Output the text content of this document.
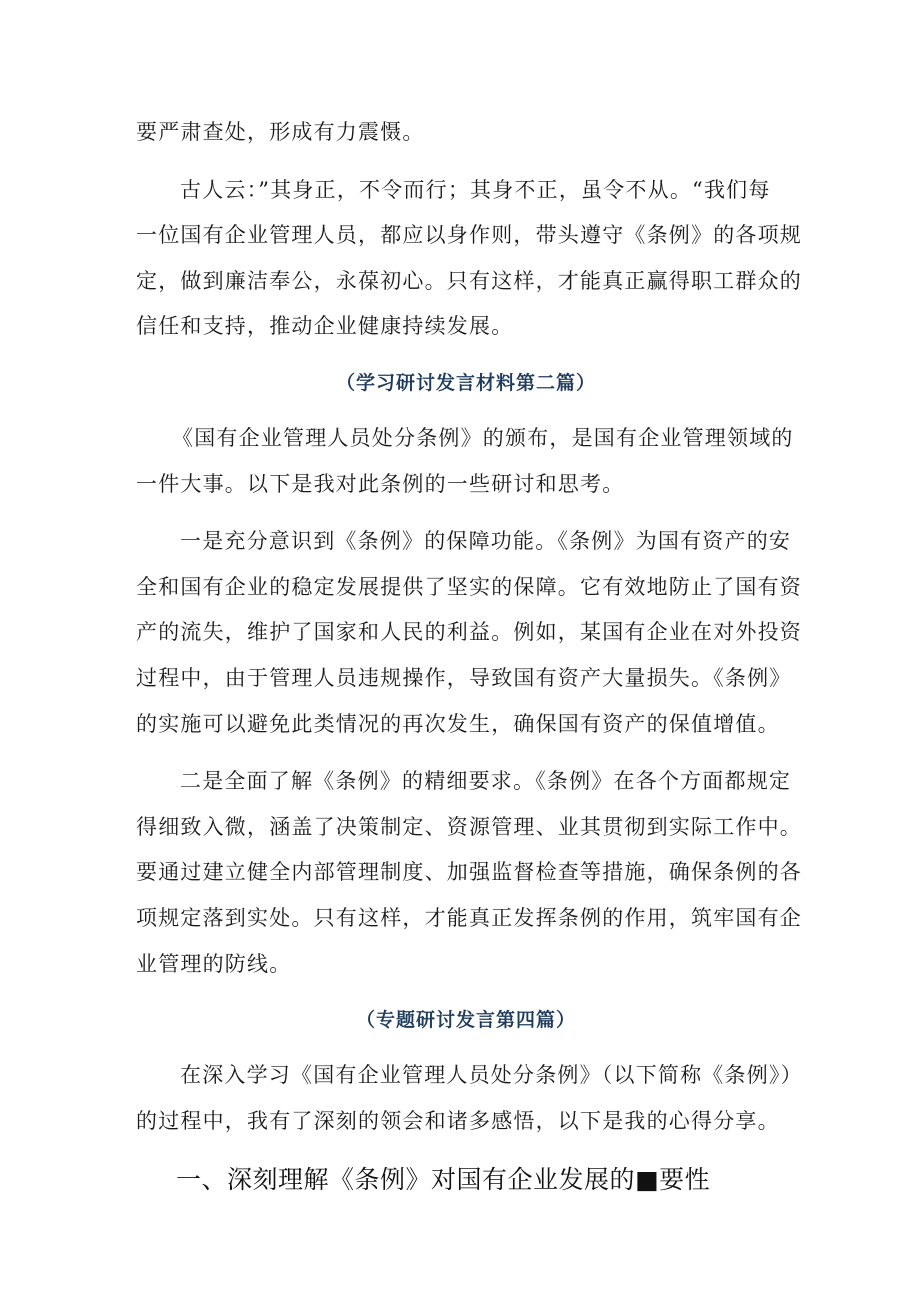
要严肃查处，形成有力震慑。
古人云：”其身正，不令而行；其身不正，虽令不从。“我们每
一位国有企业管理人员，都应以身作则，带头遵守《条例》的各项规
定，做到廉洁奉公，永葆初心。只有这样，才能真正赢得职工群众的
信任和支持，推动企业健康持续发展。
（学习研讨发言材料第二篇）
《国有企业管理人员处分条例》的颁布，是国有企业管理领域的
一件大事。以下是我对此条例的一些研讨和思考。
一是充分意识到《条例》的保障功能。《条例》为国有资产的安
全和国有企业的稳定发展提供了坚实的保障。它有效地防止了国有资
产的流失，维护了国家和人民的利益。例如，某国有企业在对外投资
过程中，由于管理人员违规操作，导致国有资产大量损失。《条例》
的实施可以避免此类情况的再次发生，确保国有资产的保值增值。
二是全面了解《条例》的精细要求。《条例》在各个方面都规定
得细致入微，涵盖了决策制定、资源管理、业其贯彻到实际工作中。
要通过建立健全内部管理制度、加强监督检查等措施，确保条例的各
项规定落到实处。只有这样，才能真正发挥条例的作用，筑牢国有企
业管理的防线。
（专题研讨发言第四篇）
在深入学习《国有企业管理人员处分条例》（以下简称《条例》）
的过程中，我有了深刻的领会和诸多感悟，以下是我的心得分享。
一、深刻理解《条例》对国有企业发展的■要性
